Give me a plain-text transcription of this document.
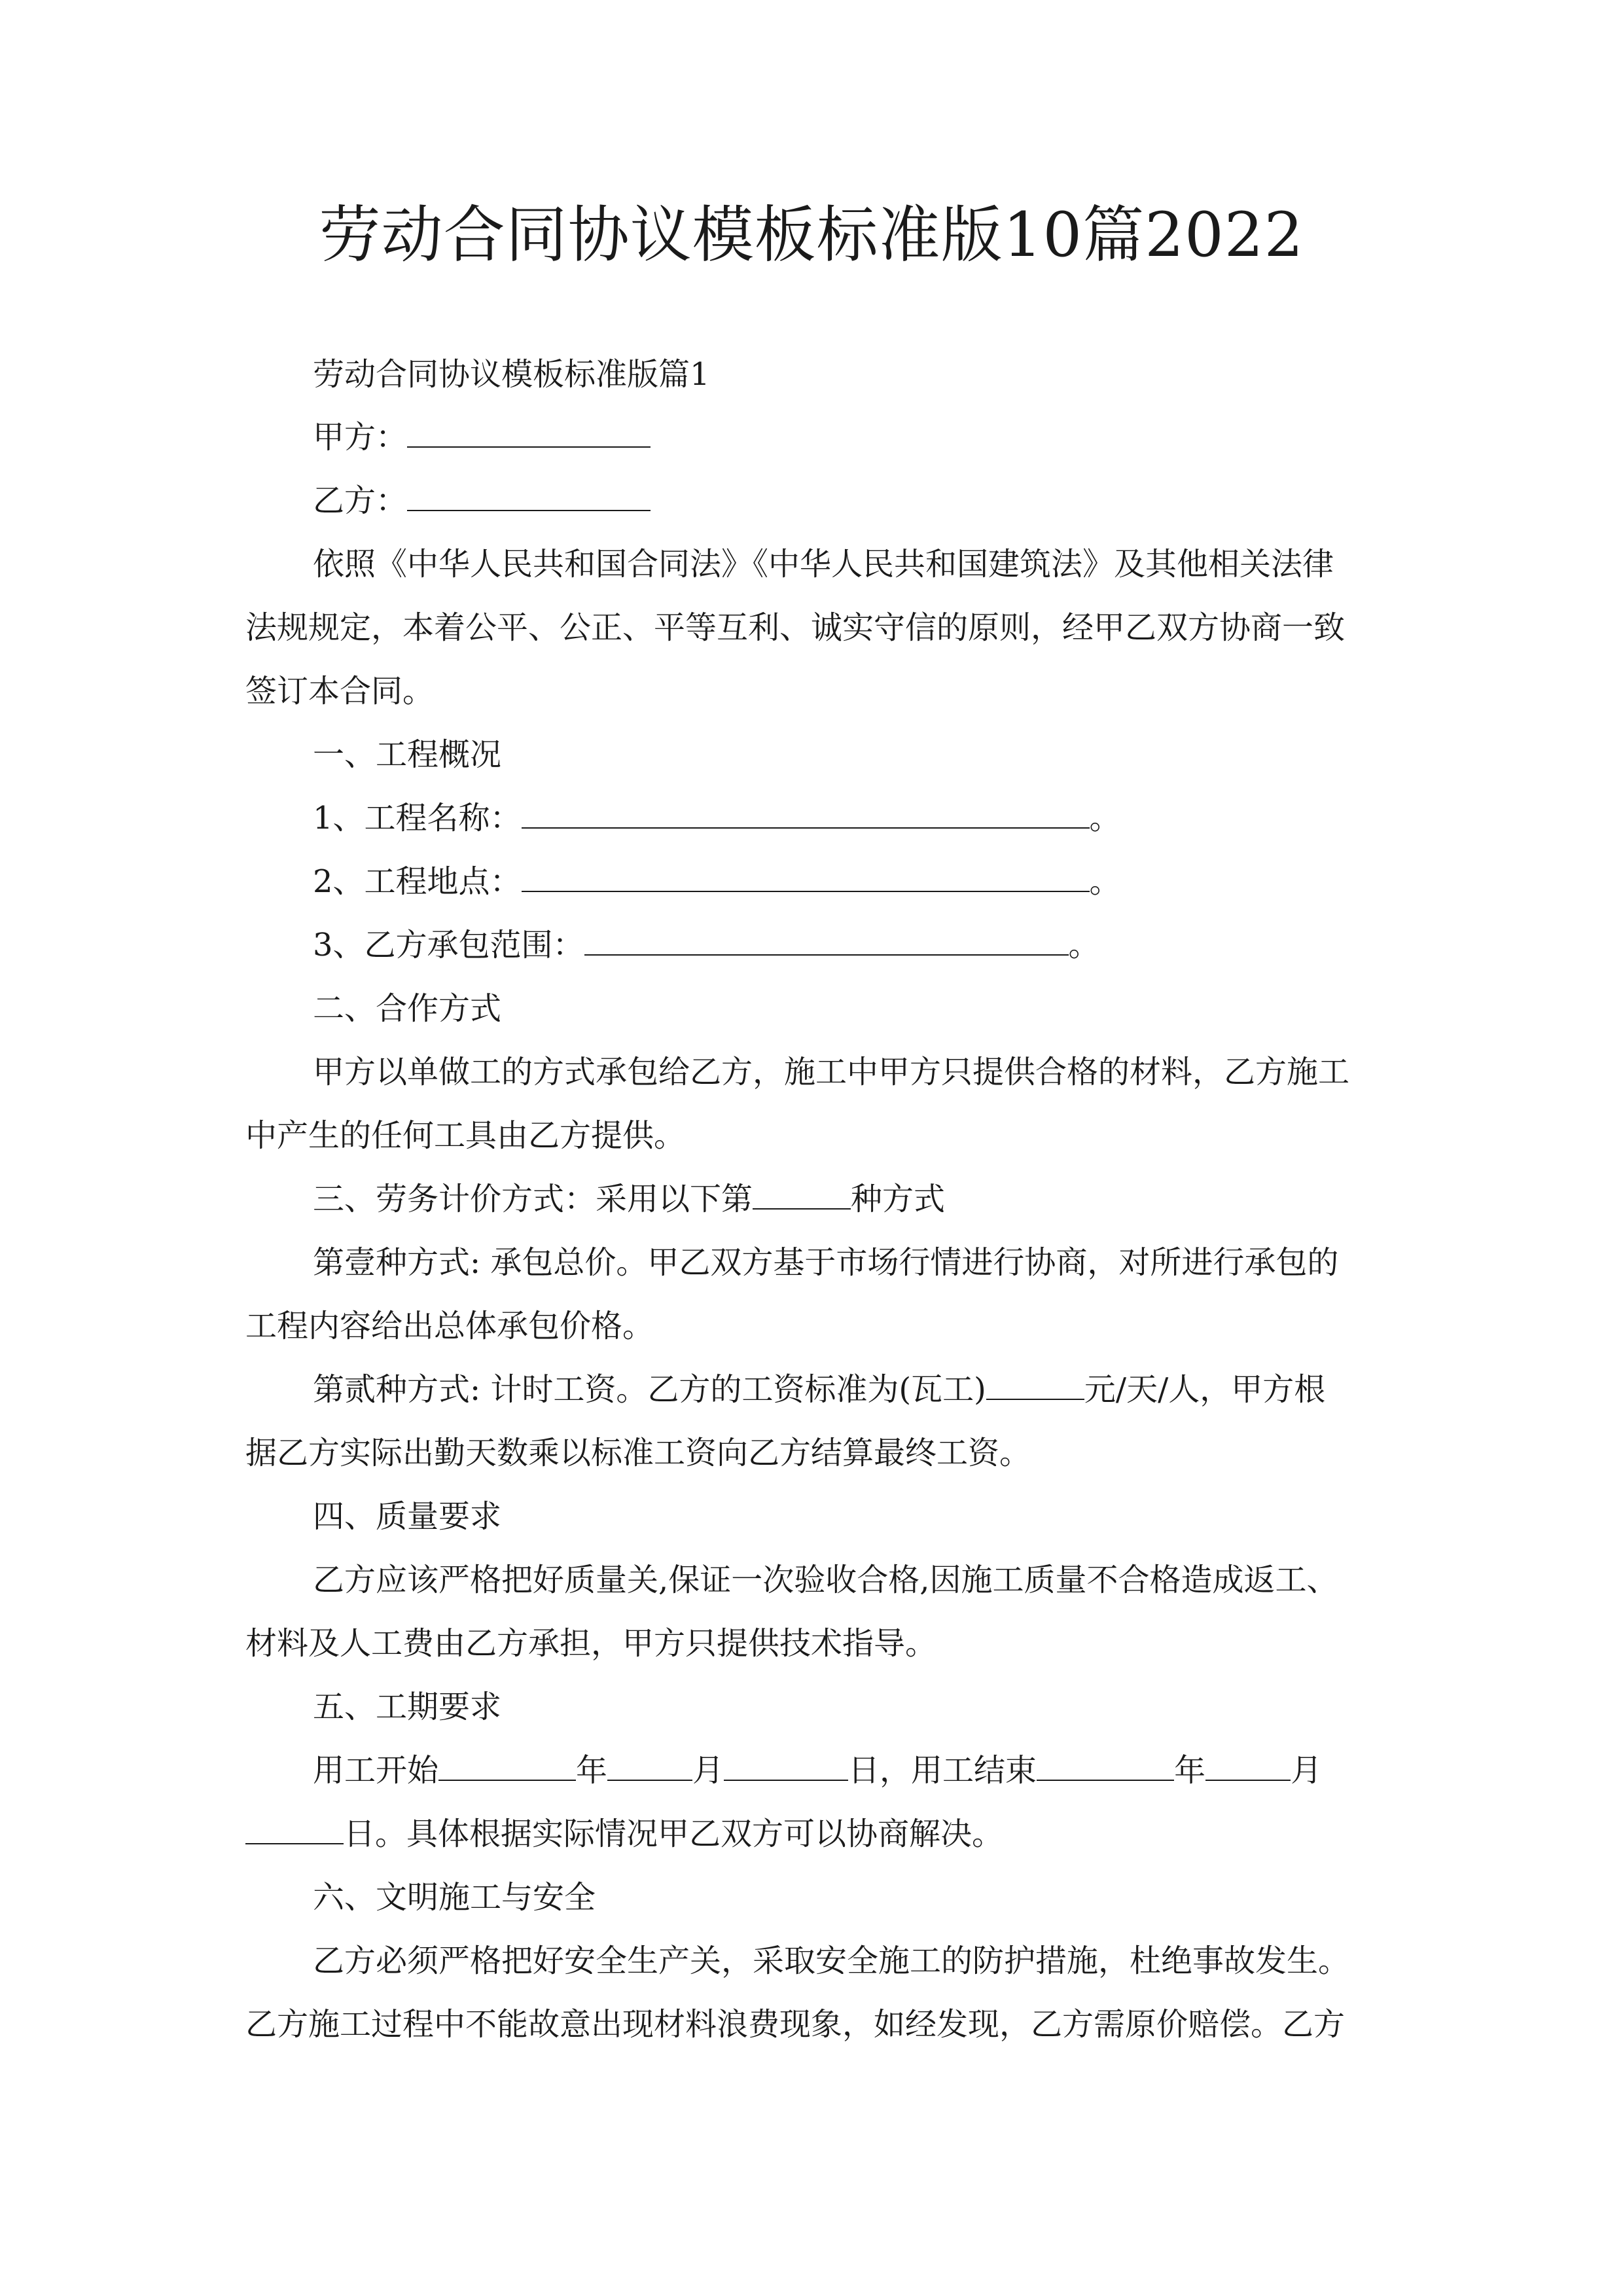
劳动合同协议模板标准版10篇2022
劳动合同协议模板标准版篇1
甲方：
乙方：
依照《中华人民共和国合同法》《中华人民共和国建筑法》及其他相关法律
法规规定，本着公平、公正、平等互利、诚实守信的原则，经甲乙双方协商一致
签订本合同。
一、工程概况
1、工程名称：	。
2、工程地点：	。
3、乙方承包范围：	。
二、合作方式
甲方以单做工的方式承包给乙方，施工中甲方只提供合格的材料，乙方施工
中产生的任何工具由乙方提供。
三、劳务计价方式：采用以下第	种方式
第壹种方式: 承包总价。甲乙双方基于市场行情进行协商，对所进行承包的
工程内容给出总体承包价格。
第贰种方式: 计时工资。乙方的工资标准为(瓦工)	元/天/人，甲方根
据乙方实际出勤天数乘以标准工资向乙方结算最终工资。
四、质量要求
乙方应该严格把好质量关,保证一次验收合格,因施工质量不合格造成返工、
材料及人工费由乙方承担，甲方只提供技术指导。
五、工期要求
用工开始	年	月	日，用工结束	年	月
日。具体根据实际情况甲乙双方可以协商解决。
六、文明施工与安全
乙方必须严格把好安全生产关，采取安全施工的防护措施，杜绝事故发生。
乙方施工过程中不能故意出现材料浪费现象，如经发现，乙方需原价赔偿。乙方
